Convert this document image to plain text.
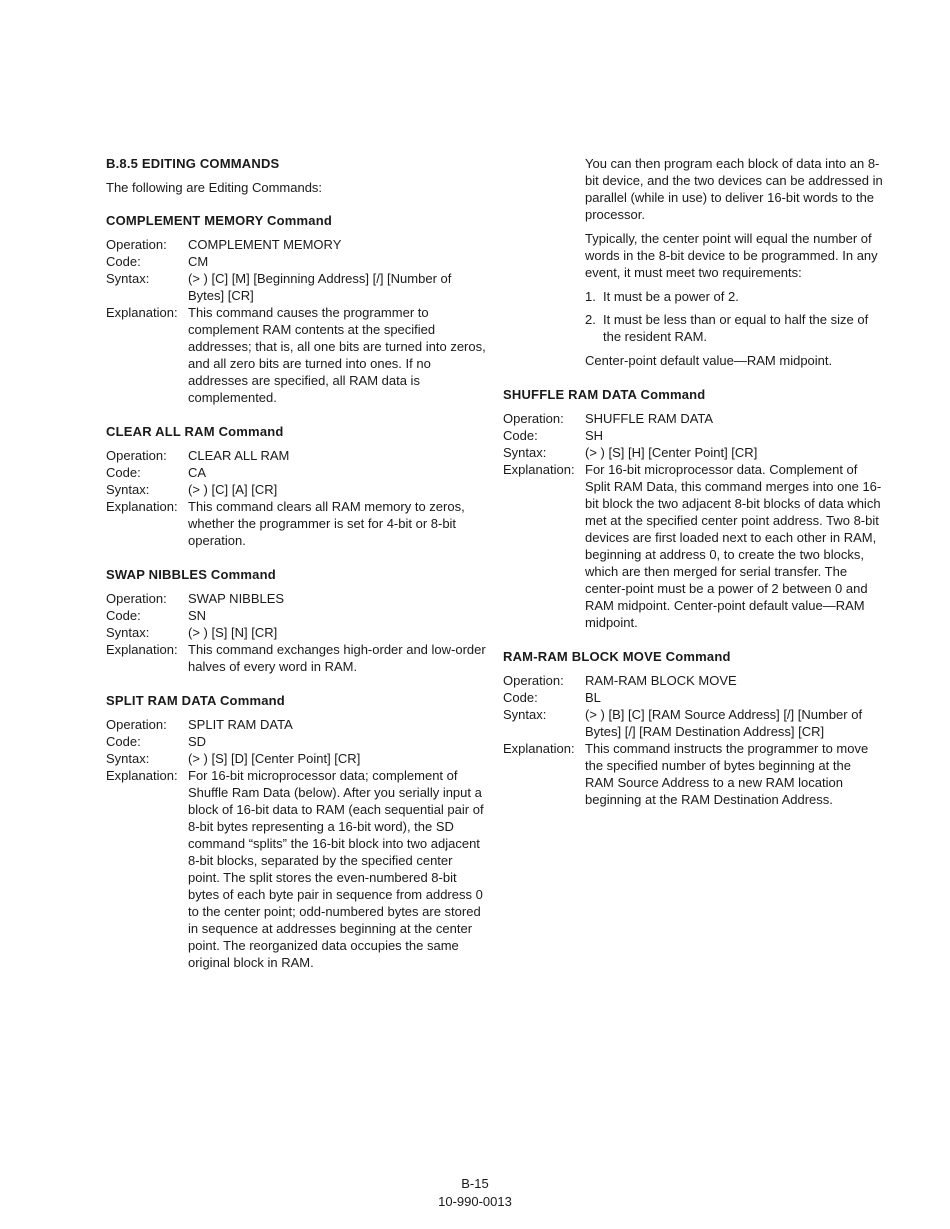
B.8.5 EDITING COMMANDS
The following are Editing Commands:
COMPLEMENT MEMORY Command
Operation:	COMPLEMENT MEMORY
Code:	CM
Syntax:	(> ) [C] [M] [Beginning Address] [/] [Number of Bytes] [CR]
Explanation: This command causes the programmer to complement RAM contents at the specified addresses; that is, all one bits are turned into zeros, and all zero bits are turned into ones. If no addresses are specified, all RAM data is complemented.
CLEAR ALL RAM Command
Operation:	CLEAR ALL RAM
Code:	CA
Syntax:	(> ) [C] [A] [CR]
Explanation: This command clears all RAM memory to zeros, whether the programmer is set for 4-bit or 8-bit operation.
SWAP NIBBLES Command
Operation:	SWAP NIBBLES
Code:	SN
Syntax:	(> ) [S] [N] [CR]
Explanation: This command exchanges high-order and low-order halves of every word in RAM.
SPLIT RAM DATA Command
Operation:	SPLIT RAM DATA
Code:	SD
Syntax:	(> ) [S] [D] [Center Point] [CR]
Explanation: For 16-bit microprocessor data; complement of Shuffle Ram Data (below). After you serially input a block of 16-bit data to RAM (each sequential pair of 8-bit bytes representing a 16-bit word), the SD command “splits” the 16-bit block into two adjacent 8-bit blocks, separated by the specified center point. The split stores the even-numbered 8-bit bytes of each byte pair in sequence from address 0 to the center point; odd-numbered bytes are stored in sequence at addresses beginning at the center point. The reorganized data occupies the same original block in RAM.
You can then program each block of data into an 8-bit device, and the two devices can be addressed in parallel (while in use) to deliver 16-bit words to the processor.
Typically, the center point will equal the number of words in the 8-bit device to be programmed. In any event, it must meet two requirements:
1. It must be a power of 2.
2. It must be less than or equal to half the size of the resident RAM.
Center-point default value—RAM midpoint.
SHUFFLE RAM DATA Command
Operation:	SHUFFLE RAM DATA
Code:	SH
Syntax:	(> ) [S] [H] [Center Point] [CR]
Explanation: For 16-bit microprocessor data. Complement of Split RAM Data, this command merges into one 16-bit block the two adjacent 8-bit blocks of data which met at the specified center point address. Two 8-bit devices are first loaded next to each other in RAM, beginning at address 0, to create the two blocks, which are then merged for serial transfer. The center-point must be a power of 2 between 0 and RAM midpoint. Center-point default value—RAM midpoint.
RAM-RAM BLOCK MOVE Command
Operation:	RAM-RAM BLOCK MOVE
Code:	BL
Syntax:	(> ) [B] [C] [RAM Source Address] [/] [Number of Bytes] [/] [RAM Destination Address] [CR]
Explanation: This command instructs the programmer to move the specified number of bytes beginning at the RAM Source Address to a new RAM location beginning at the RAM Destination Address.
B-15
10-990-0013
